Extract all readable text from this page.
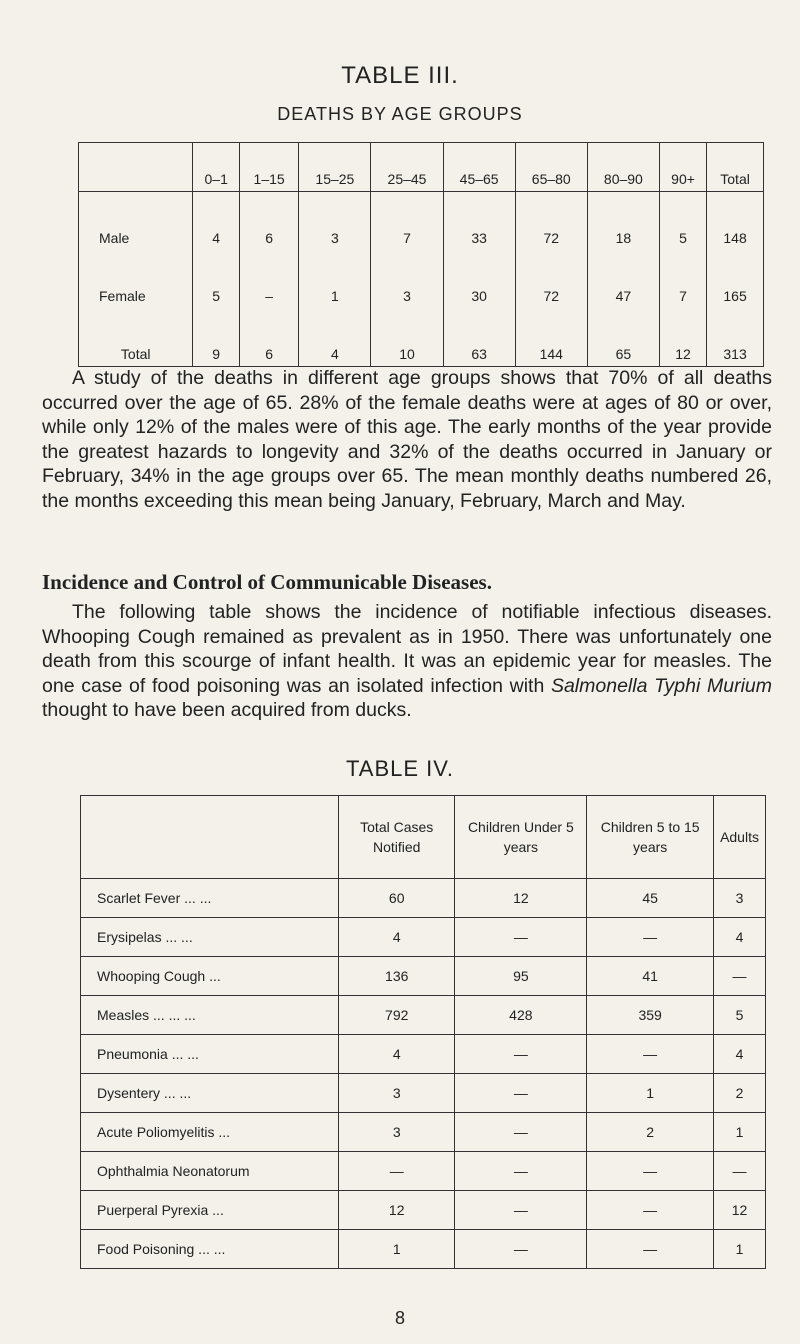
TABLE III.
DEATHS BY AGE GROUPS
	0–1	1–15	15–25	25–45	45–65	65–80	80–90	90+	Total
Male	4	6	3	7	33	72	18	5	148
Female	5	–	1	3	30	72	47	7	165
Total	9	6	4	10	63	144	65	12	313

A study of the deaths in different age groups shows that 70% of all deaths occurred over the age of 65. 28% of the female deaths were at ages of 80 or over, while only 12% of the males were of this age. The early months of the year provide the greatest hazards to longevity and 32% of the deaths occurred in January or February, 34% in the age groups over 65. The mean monthly deaths numbered 26, the months exceeding this mean being January, February, March and May.

Incidence and Control of Communicable Diseases.

The following table shows the incidence of notifiable infectious diseases. Whooping Cough remained as prevalent as in 1950. There was unfortunately one death from this scourge of infant health. It was an epidemic year for measles. The one case of food poisoning was an isolated infection with Salmonella Typhi Murium thought to have been acquired from ducks.

TABLE IV.
	Total Cases Notified	Children Under 5 years	Children 5 to 15 years	Adults
Scarlet Fever ... ...	60	12	45	3
Erysipelas ... ...	4	—	—	4
Whooping Cough ...	136	95	41	—
Measles ... ... ...	792	428	359	5
Pneumonia ... ...	4	—	—	4
Dysentery ... ...	3	—	1	2
Acute Poliomyelitis ...	3	—	2	1
Ophthalmia Neonatorum	—	—	—	—
Puerperal Pyrexia ...	12	—	—	12
Food Poisoning ... ...	1	—	—	1
8
